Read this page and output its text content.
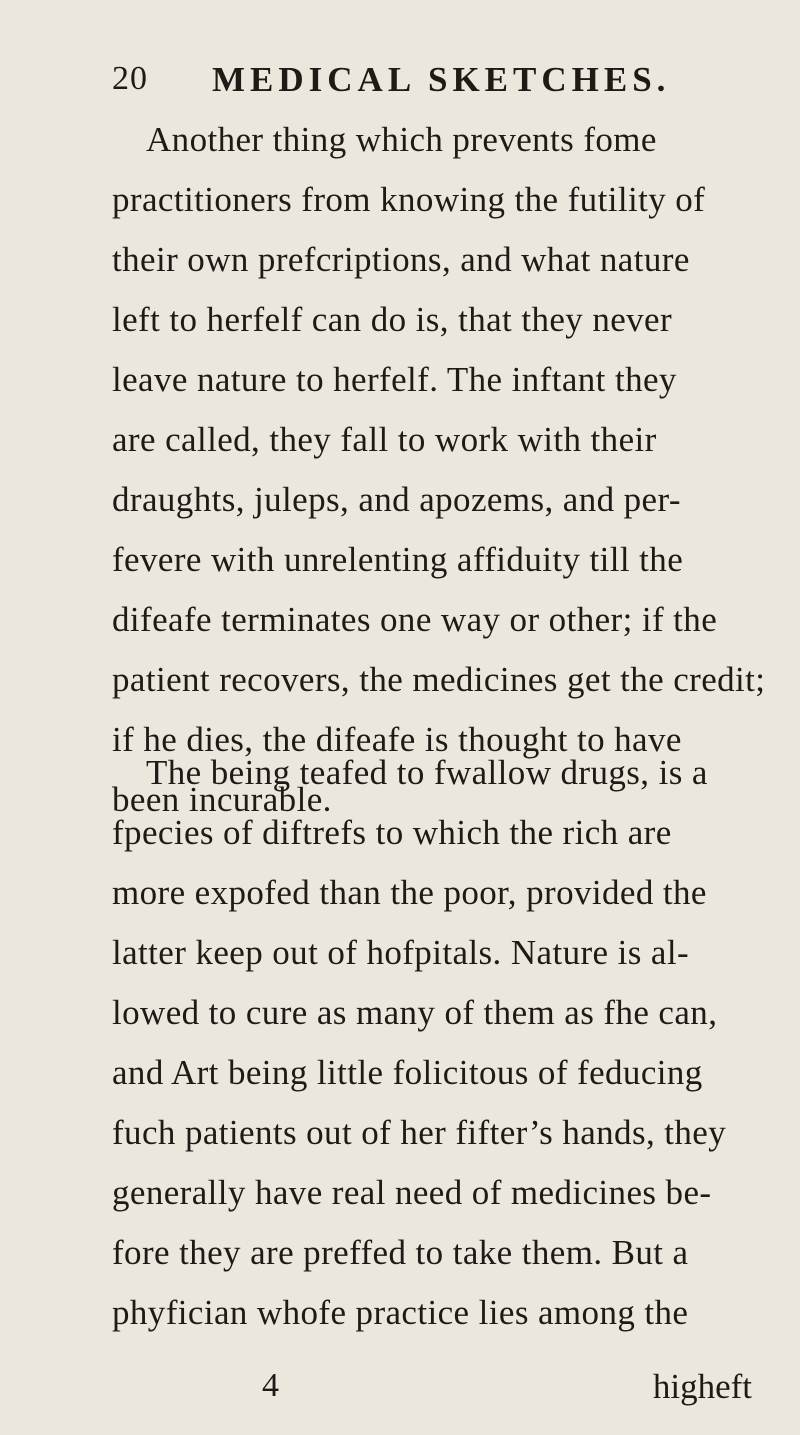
20 MEDICAL SKETCHES.
Another thing which prevents fome
practitioners from knowing the futility of
their own prefcriptions, and what nature
left to herfelf can do is, that they never
leave nature to herfelf. The inftant they
are called, they fall to work with their
draughts, juleps, and apozems, and per-
fevere with unrelenting affiduity till the
difeafe terminates one way or other; if the
patient recovers, the medicines get the credit;
if he dies, the difeafe is thought to have
been incurable.
The being teafed to fwallow drugs, is a
fpecies of diftrefs to which the rich are
more expofed than the poor, provided the
latter keep out of hofpitals. Nature is al-
lowed to cure as many of them as fhe can,
and Art being little folicitous of feducing
fuch patients out of her fifter’s hands, they
generally have real need of medicines be-
fore they are preffed to take them. But a
phyfician whofe practice lies among the
4	higheft
